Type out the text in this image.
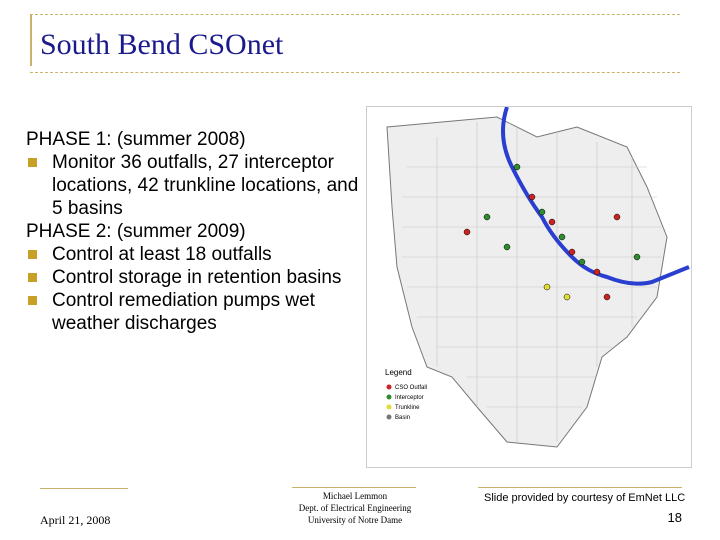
South Bend CSOnet

PHASE 1: (summer 2008)

Monitor 36 outfalls, 27 interceptor locations, 42 trunkline locations, and 5 basins

PHASE 2: (summer 2009)

Control at least 18 outfalls

Control storage in retention basins

Control remediation pumps wet weather discharges

Legend
CSO Outfall
Interceptor
Trunkline
Basin
April 21, 2008
Michael Lemmon
Dept. of Electrical Engineering
University of Notre Dame
Slide provided by courtesy of EmNet LLC
18
